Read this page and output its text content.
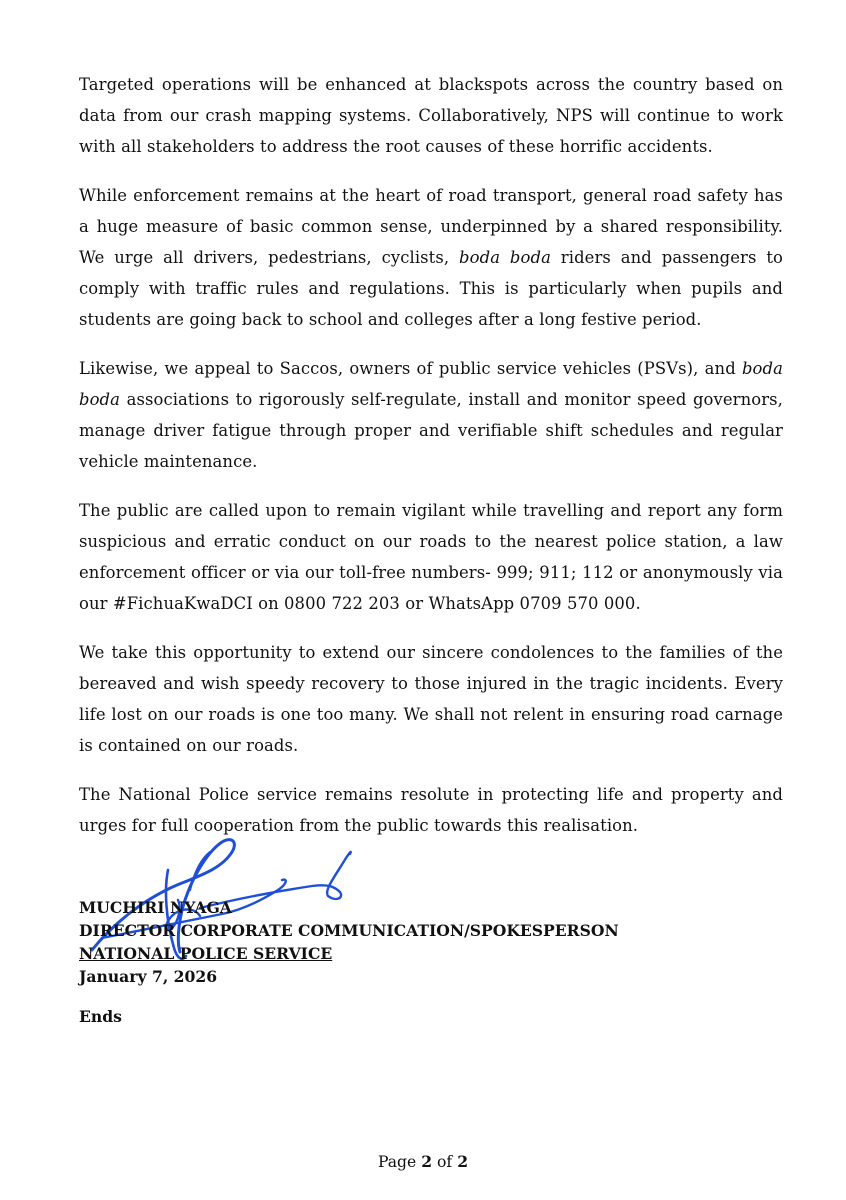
Targeted operations will be enhanced at blackspots across the country based on data from our crash mapping systems. Collaboratively, NPS will continue to work with all stakeholders to address the root causes of these horrific accidents.

While enforcement remains at the heart of road transport, general road safety has a huge measure of basic common sense, underpinned by a shared responsibility. We urge all drivers, pedestrians, cyclists, boda boda riders and passengers to comply with traffic rules and regulations. This is particularly when pupils and students are going back to school and colleges after a long festive period.

Likewise, we appeal to Saccos, owners of public service vehicles (PSVs), and boda boda associations to rigorously self-regulate, install and monitor speed governors, manage driver fatigue through proper and verifiable shift schedules and regular vehicle maintenance.

The public are called upon to remain vigilant while travelling and report any form suspicious and erratic conduct on our roads to the nearest police station, a law enforcement officer or via our toll-free numbers- 999; 911; 112 or anonymously via our #FichuaKwaDCI on 0800 722 203 or WhatsApp 0709 570 000.

We take this opportunity to extend our sincere condolences to the families of the bereaved and wish speedy recovery to those injured in the tragic incidents. Every life lost on our roads is one too many. We shall not relent in ensuring road carnage is contained on our roads.

The National Police service remains resolute in protecting life and property and urges for full cooperation from the public towards this realisation.

MUCHIRI NYAGA
DIRECTOR CORPORATE COMMUNICATION/SPOKESPERSON
NATIONAL POLICE SERVICE
January 7, 2026
Ends
Page 2 of 2
